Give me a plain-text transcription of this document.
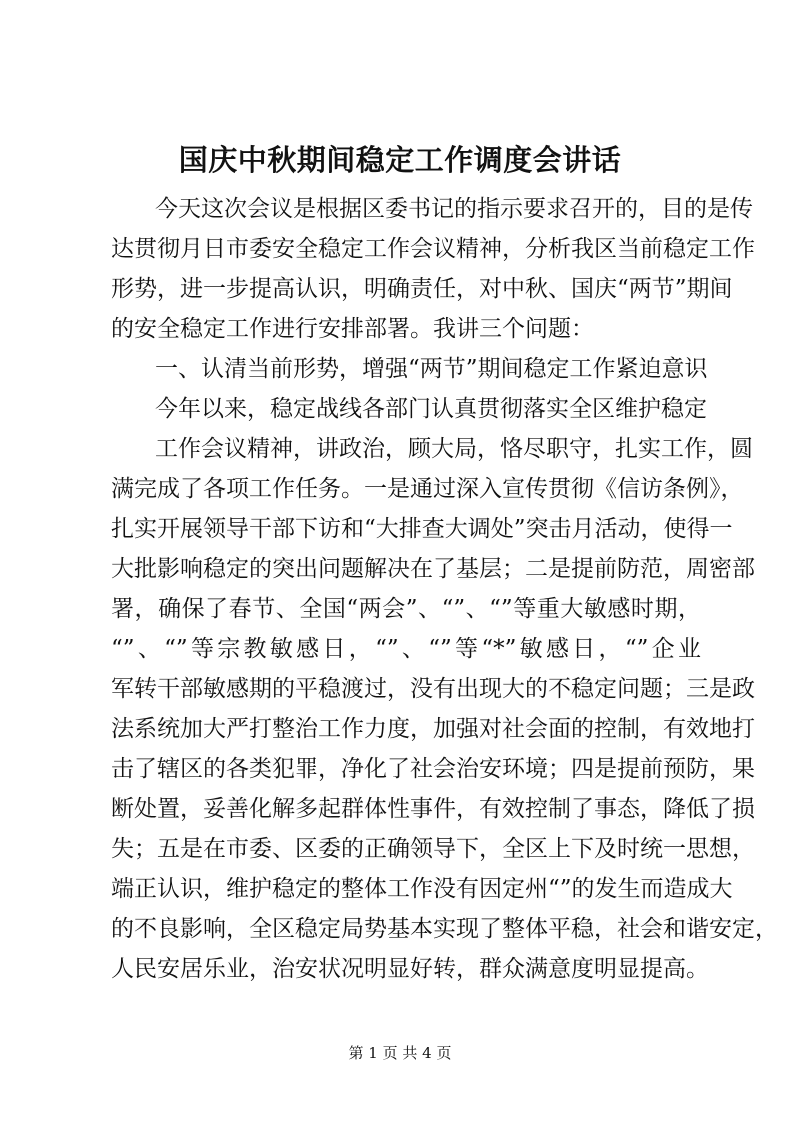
国庆中秋期间稳定工作调度会讲话

今天这次会议是根据区委书记的指示要求召开的，目的是传

达贯彻月日市委安全稳定工作会议精神，分析我区当前稳定工作

形势，进一步提高认识，明确责任，对中秋、国庆“两节”期间

的安全稳定工作进行安排部署。我讲三个问题：

一、认清当前形势，增强“两节”期间稳定工作紧迫意识

今年以来，稳定战线各部门认真贯彻落实全区维护稳定

工作会议精神，讲政治，顾大局，恪尽职守，扎实工作，圆

满完成了各项工作任务。一是通过深入宣传贯彻《信访条例》，

扎实开展领导干部下访和“大排查大调处”突击月活动，使得一

大批影响稳定的突出问题解决在了基层；二是提前防范，周密部

署，确保了春节、全国“两会”、“”、“”等重大敏感时期，

“”、“”等宗教敏感日，“”、“”等“*”敏感日，“”企业

军转干部敏感期的平稳渡过，没有出现大的不稳定问题；三是政

法系统加大严打整治工作力度，加强对社会面的控制，有效地打

击了辖区的各类犯罪，净化了社会治安环境；四是提前预防，果

断处置，妥善化解多起群体性事件，有效控制了事态，降低了损

失；五是在市委、区委的正确领导下，全区上下及时统一思想，

端正认识，维护稳定的整体工作没有因定州“”的发生而造成大

的不良影响，全区稳定局势基本实现了整体平稳，社会和谐安定，

人民安居乐业，治安状况明显好转，群众满意度明显提高。

第 1 页 共 4 页
